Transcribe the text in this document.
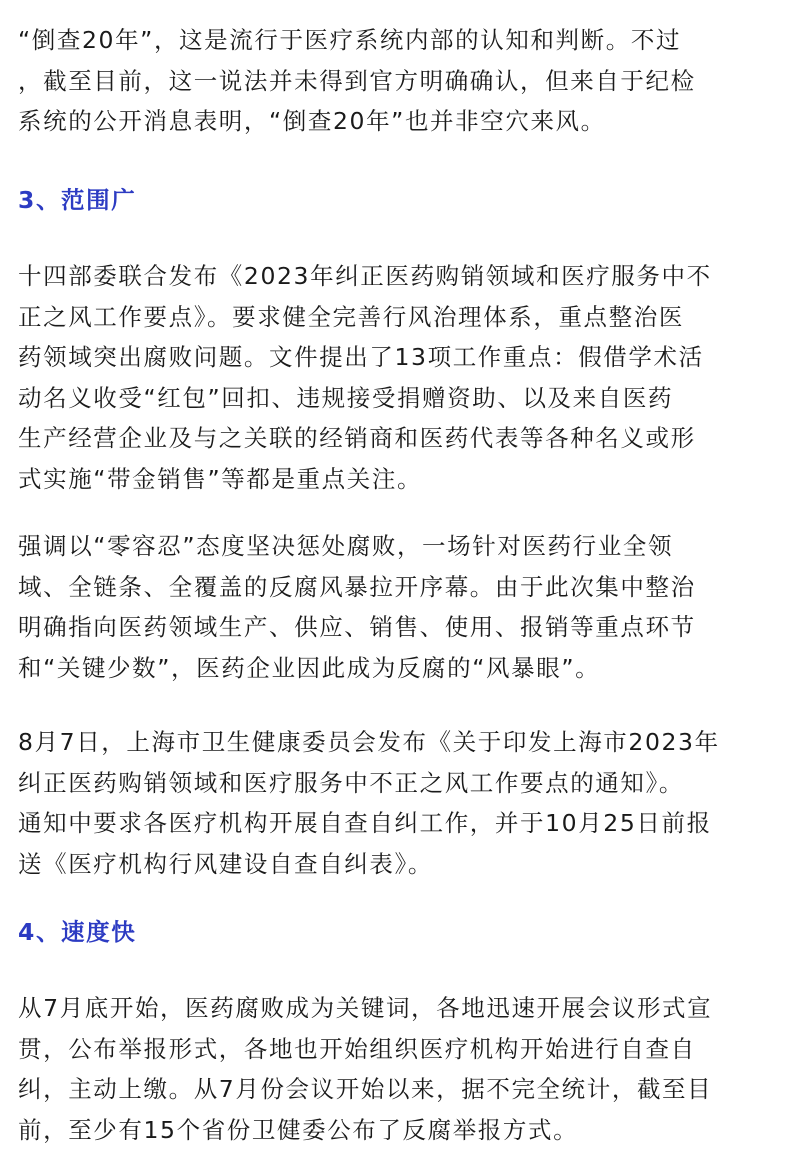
“倒查20年”，这是流行于医疗系统内部的认知和判断。不过
，截至目前，这一说法并未得到官方明确确认，但来自于纪检
系统的公开消息表明，“倒查20年”也并非空穴来风。
3、范围广
十四部委联合发布《2023年纠正医药购销领域和医疗服务中不
正之风工作要点》。要求健全完善行风治理体系，重点整治医
药领域突出腐败问题。文件提出了13项工作重点：假借学术活
动名义收受“红包”回扣、违规接受捐赠资助、以及来自医药
生产经营企业及与之关联的经销商和医药代表等各种名义或形
式实施“带金销售”等都是重点关注。
强调以“零容忍”态度坚决惩处腐败，一场针对医药行业全领
域、全链条、全覆盖的反腐风暴拉开序幕。由于此次集中整治
明确指向医药领域生产、供应、销售、使用、报销等重点环节
和“关键少数”，医药企业因此成为反腐的“风暴眼”。
8月7日，上海市卫生健康委员会发布《关于印发上海市2023年
纠正医药购销领域和医疗服务中不正之风工作要点的通知》。
通知中要求各医疗机构开展自查自纠工作，并于10月25日前报
送《医疗机构行风建设自查自纠表》。
4、速度快
从7月底开始，医药腐败成为关键词，各地迅速开展会议形式宣
贯，公布举报形式，各地也开始组织医疗机构开始进行自查自
纠，主动上缴。从7月份会议开始以来，据不完全统计，截至目
前，至少有15个省份卫健委公布了反腐举报方式。
